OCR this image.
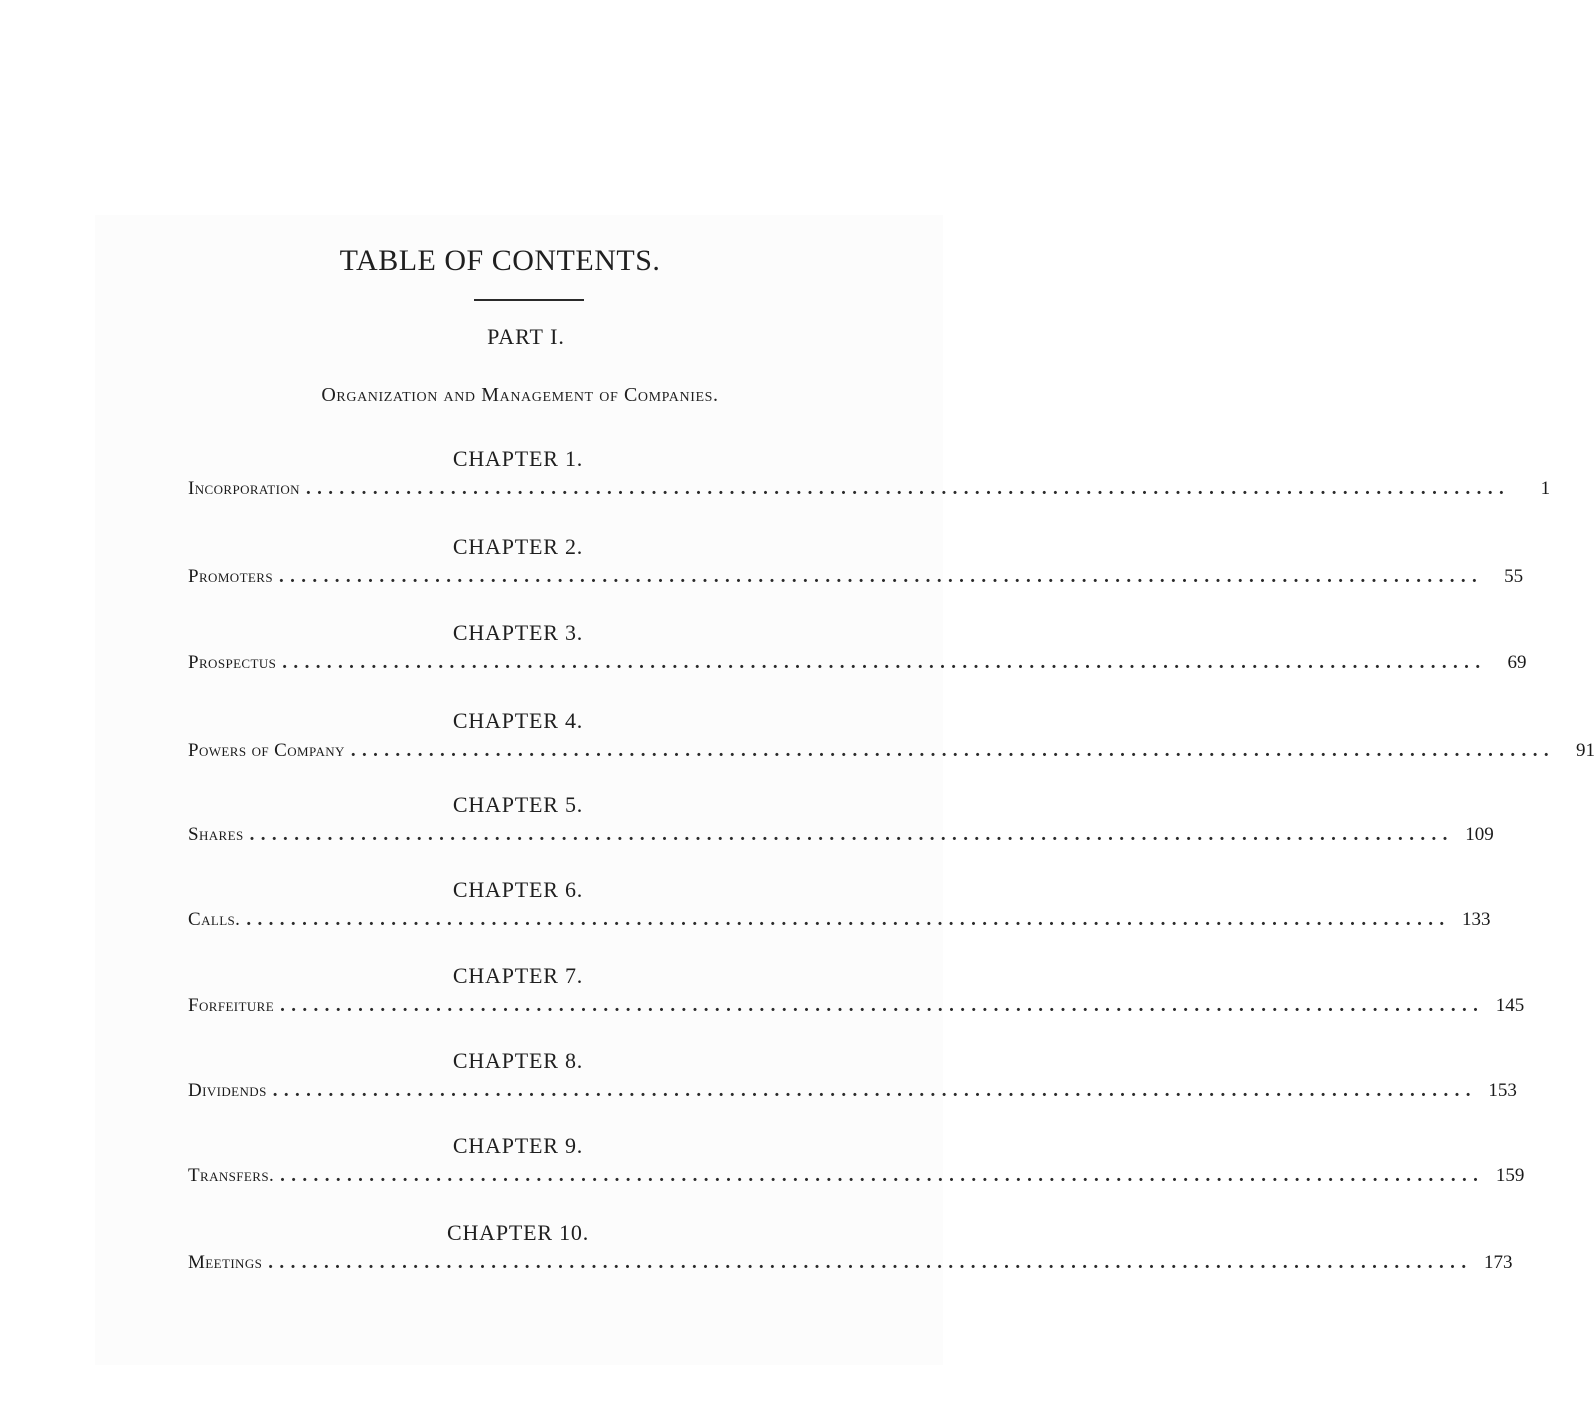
TABLE OF CONTENTS.
PART I.
Organization and Management of Companies.
CHAPTER 1.
Incorporation ............................................................................................................	1
CHAPTER 2.
Promoters ............................................................................................................	55
CHAPTER 3.
Prospectus ............................................................................................................	69
CHAPTER 4.
Powers of Company ............................................................................................................	91
CHAPTER 5.
Shares ............................................................................................................ 109
CHAPTER 6.
Calls. ............................................................................................................ 133
CHAPTER 7.
Forfeiture ............................................................................................................ 145
CHAPTER 8.
Dividends ............................................................................................................ 153
CHAPTER 9.
Transfers. ............................................................................................................ 159
CHAPTER 10.
Meetings ............................................................................................................ 173
